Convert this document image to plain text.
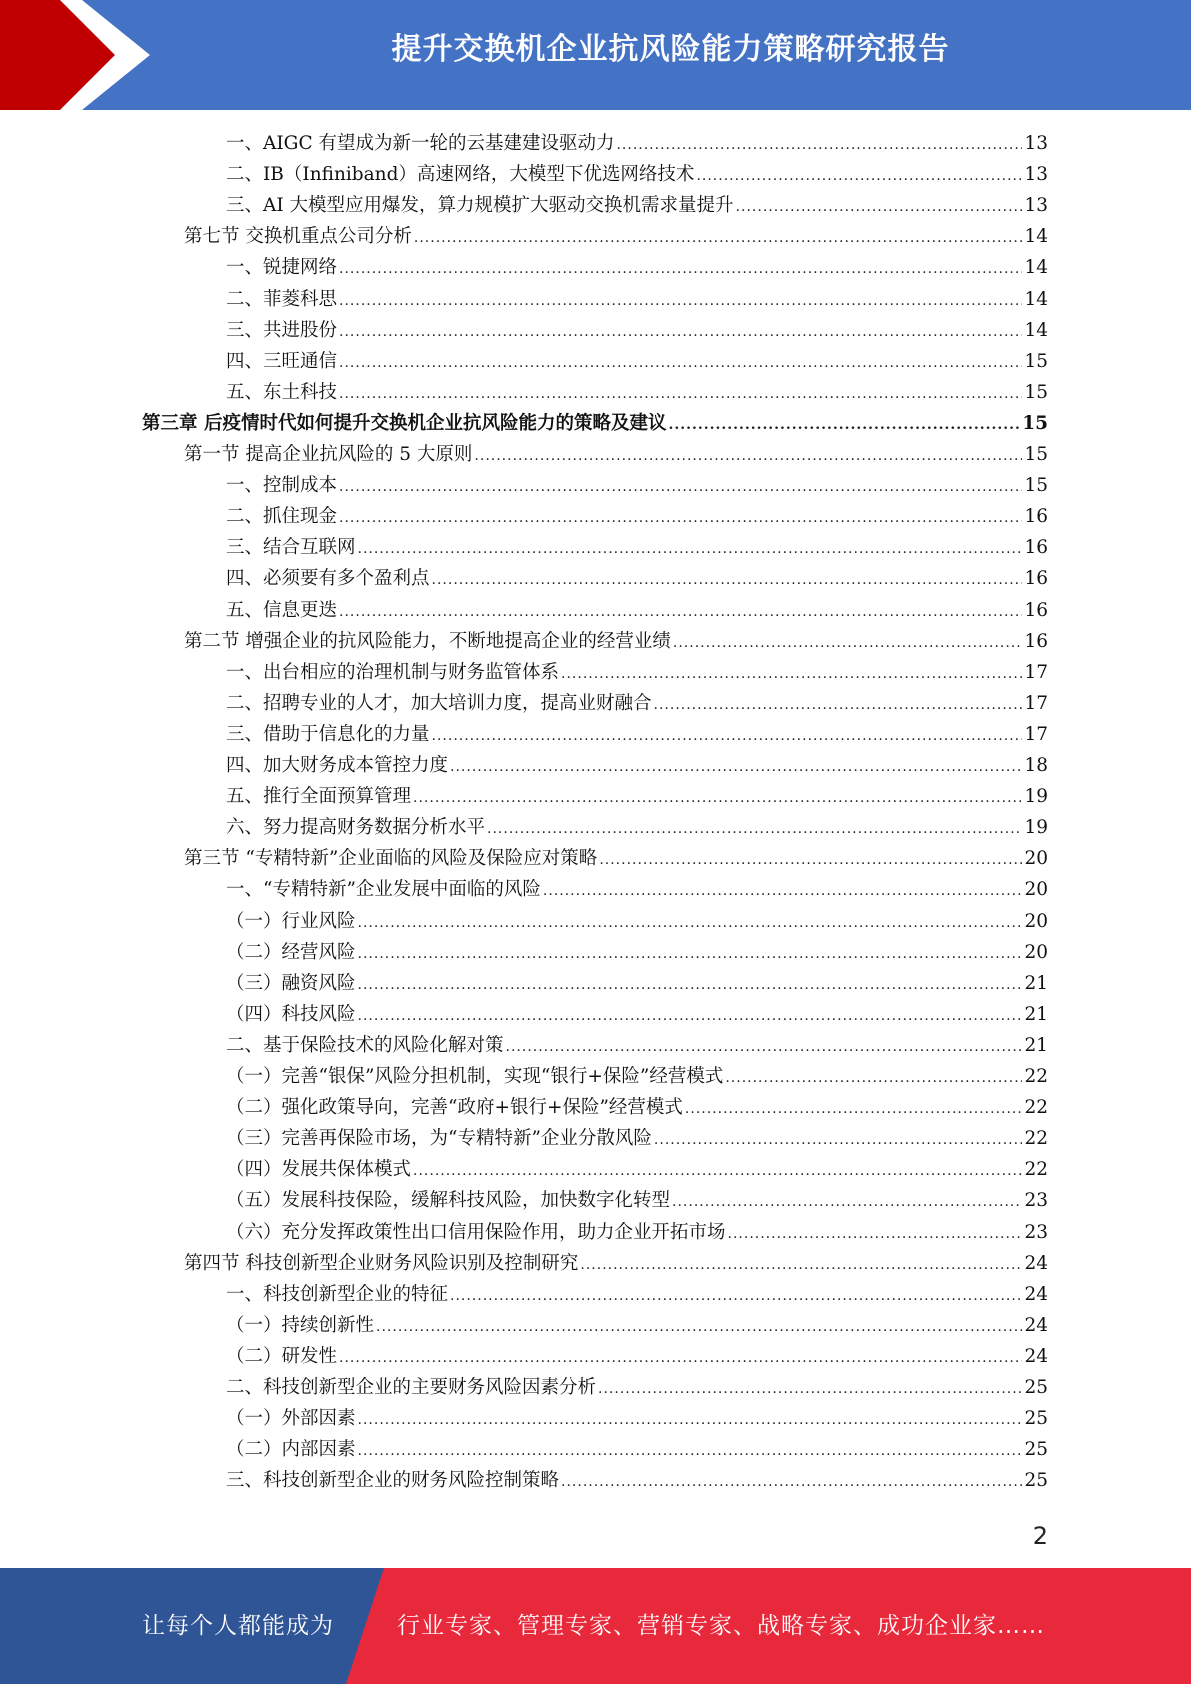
提升交换机企业抗风险能力策略研究报告
一、AIGC 有望成为新一轮的云基建建设驱动力 .....	13
二、IB（Infiniband）高速网络，大模型下优选网络技术 .....	13
三、AI 大模型应用爆发，算力规模扩大驱动交换机需求量提升 .....	13
第七节 交换机重点公司分析 .....	14
一、锐捷网络 .....	14
二、菲菱科思 .....	14
三、共进股份 .....	14
四、三旺通信 .....	15
五、东土科技 .....	15
第三章 后疫情时代如何提升交换机企业抗风险能力的策略及建议 .....	15
第一节 提高企业抗风险的 5 大原则 .....	15
一、控制成本 .....	15
二、抓住现金 .....	16
三、结合互联网 .....	16
四、必须要有多个盈利点 .....	16
五、信息更迭 .....	16
第二节 增强企业的抗风险能力，不断地提高企业的经营业绩 .....	16
一、出台相应的治理机制与财务监管体系 .....	17
二、招聘专业的人才，加大培训力度，提高业财融合 .....	17
三、借助于信息化的力量 .....	17
四、加大财务成本管控力度 .....	18
五、推行全面预算管理 .....	19
六、努力提高财务数据分析水平 .....	19
第三节 “专精特新”企业面临的风险及保险应对策略 .....	20
一、“专精特新”企业发展中面临的风险 .....	20
（一）行业风险 .....	20
（二）经营风险 .....	20
（三）融资风险 .....	21
（四）科技风险 .....	21
二、基于保险技术的风险化解对策 .....	21
（一）完善“银保”风险分担机制，实现“银行+保险”经营模式 .....	22
（二）强化政策导向，完善“政府+银行+保险”经营模式 .....	22
（三）完善再保险市场，为“专精特新”企业分散风险 .....	22
（四）发展共保体模式 .....	22
（五）发展科技保险，缓解科技风险，加快数字化转型 .....	23
（六）充分发挥政策性出口信用保险作用，助力企业开拓市场 .....	23
第四节 科技创新型企业财务风险识别及控制研究 .....	24
一、科技创新型企业的特征 .....	24
（一）持续创新性 .....	24
（二）研发性 .....	24
二、科技创新型企业的主要财务风险因素分析 .....	25
（一）外部因素 .....	25
（二）内部因素 .....	25
三、科技创新型企业的财务风险控制策略 .....	25
2
让每个人都能成为	行业专家、管理专家、营销专家、战略专家、成功企业家……
